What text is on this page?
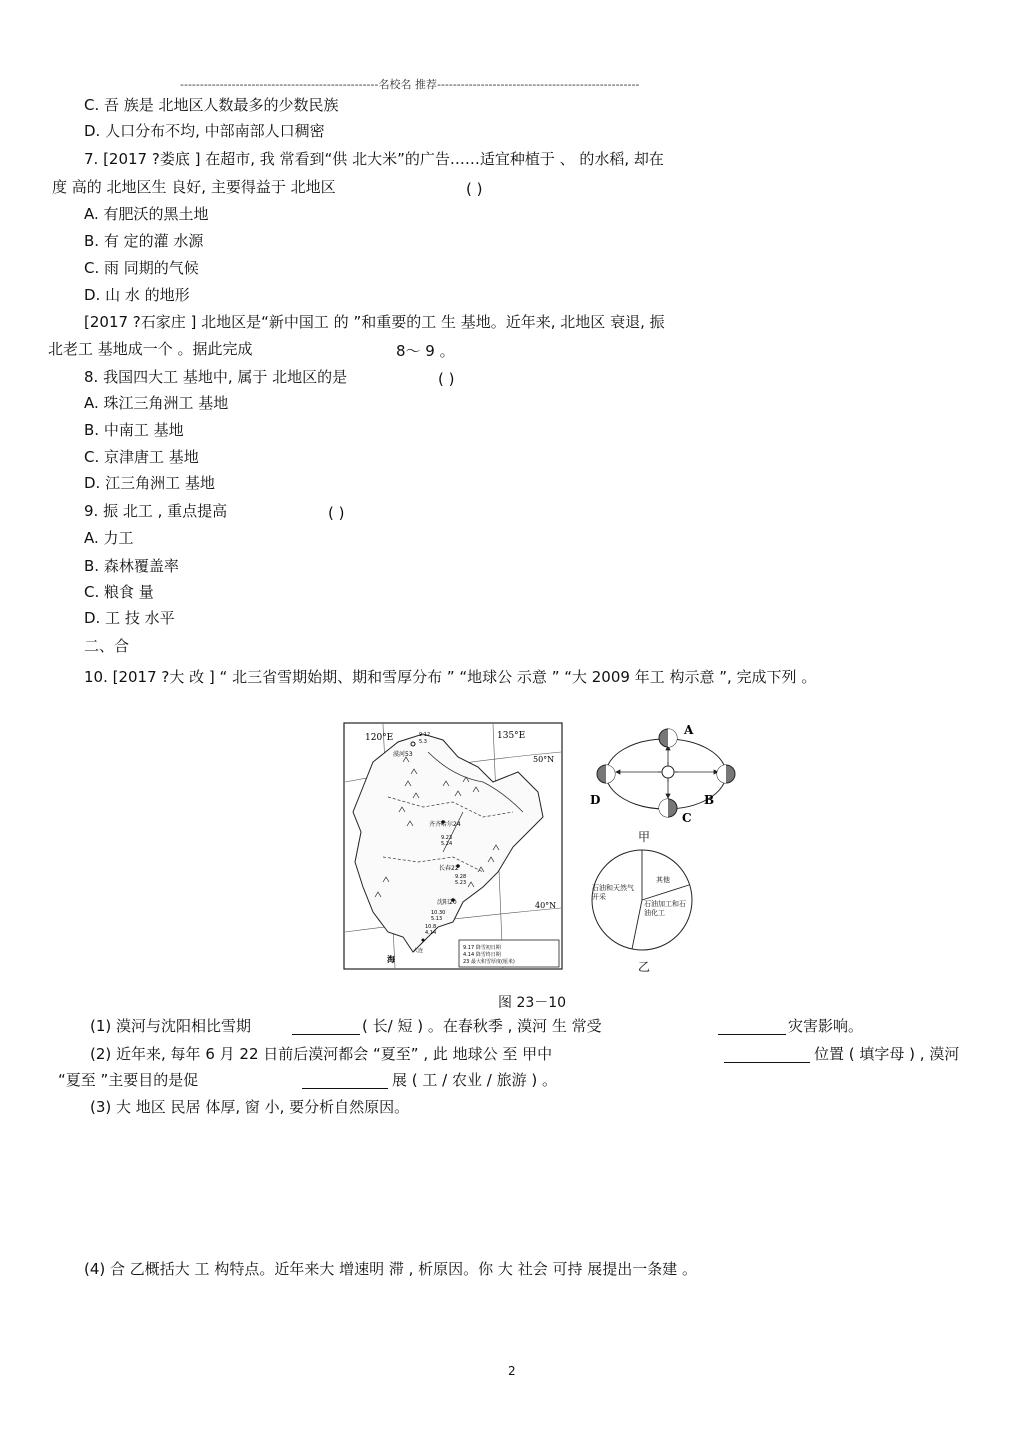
--------------------------------------------------名校名 推荐---------------------------------------------------
C. 吾 族是 北地区人数最多的少数民族
D. 人口分布不均, 中部南部人口稠密
7. [2017 ?娄底 ] 在超市, 我 常看到“供 北大米”的广告……适宜种植于 、 的水稻, 却在
度 高的 北地区生 良好, 主要得益于 北地区	( )
A. 有肥沃的黑土地
B. 有 定的灌 水源
C. 雨 同期的气候
D. 山 水 的地形
[2017 ?石家庄 ] 北地区是“新中国工 的 ”和重要的工 生 基地。近年来, 北地区 衰退, 振
北老工 基地成一个 。据此完成	8～ 9 。
8. 我国四大工 基地中, 属于 北地区的是	( )
A. 珠江三角洲工 基地
B. 中南工 基地
C. 京津唐工 基地
D. 江三角洲工 基地
9. 振 北工 , 重点提高	( )
A. 力工
B. 森林覆盖率
C. 粮食 量
D. 工 技 水平
二、合
10. [2017 ?大 改 ] “ 北三省雪期始期、期和雪厚分布 ” “地球公 示意 ” “大 2009 年工 构示意 ”, 完成下列 。
120°E	135°E
50°N
40°N
漠河53
9.12
5.3
齐齐哈尔24
9.23
5.24
长春22
9.28
5.23
沈阳20
10.30
5.13
大连
10.8
4.14
海
9.17 降雪初日期
4.14 降雪终日期
23 最大积雪厚度(厘米)
A
B
C
D
甲
其他
石油和天然气开采
石油加工和石油化工
乙
图 23－10
(1) 漠河与沈阳相比雪期	( 长/ 短 ) 。在春秋季 , 漠河 生 常受	灾害影响。
(2) 近年来, 每年 6 月 22 日前后漠河都会 “夏至” , 此 地球公 至 甲中	位置 ( 填字母 ) , 漠河
“夏至 ”主要目的是促	展 ( 工 / 农业 / 旅游 ) 。
(3) 大 地区 民居 体厚, 窗 小, 要分析自然原因。
(4) 合 乙概括大 工 构特点。近年来大 增速明 滞 , 析原因。你 大 社会 可持 展提出一条建 。
2
